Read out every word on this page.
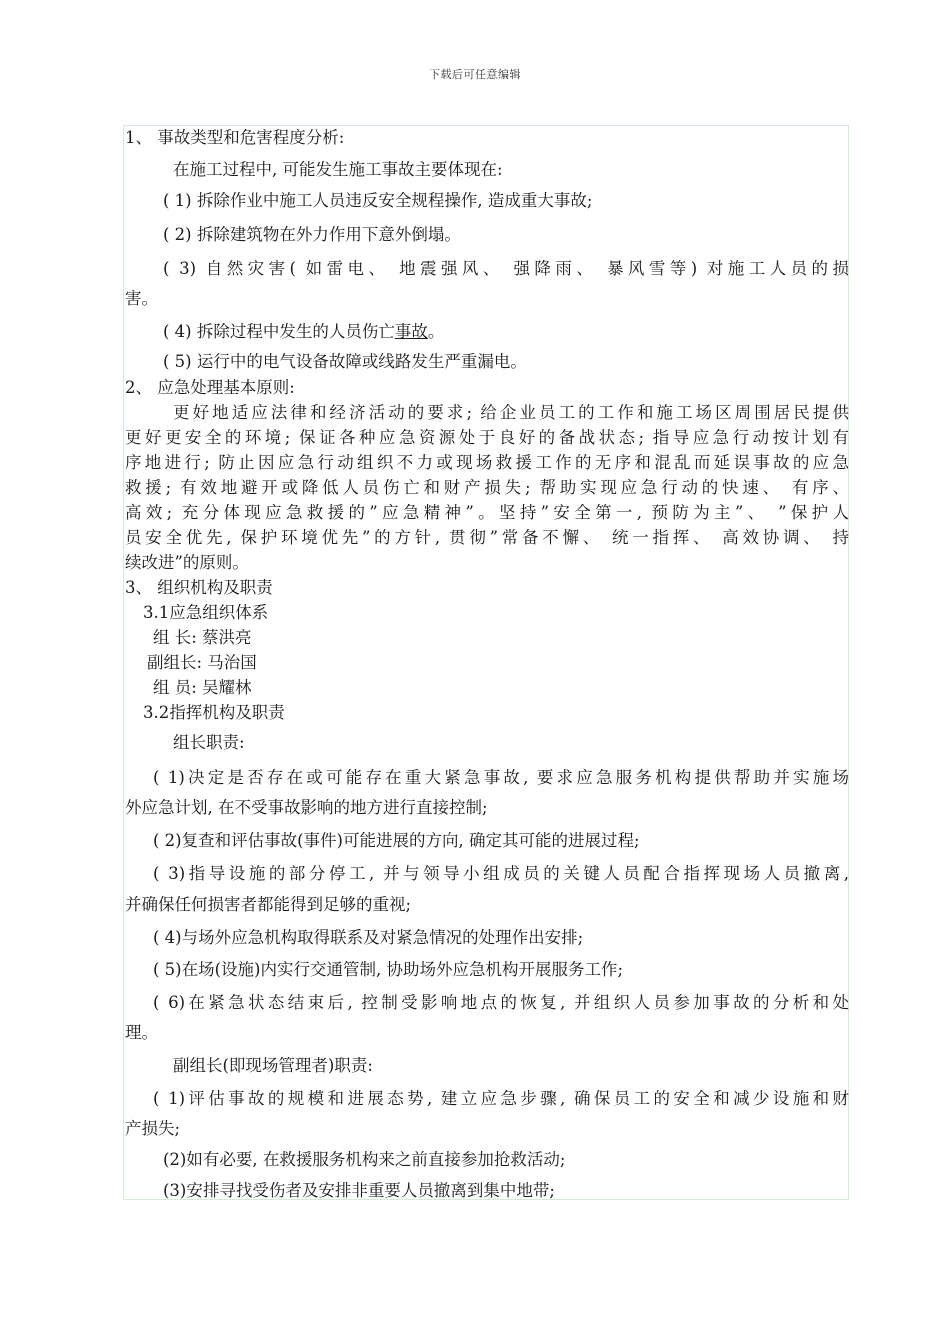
下载后可任意编辑
1、 事故类型和危害程度分析:
在施工过程中, 可能发生施工事故主要体现在:
( 1) 拆除作业中施工人员违反安全规程操作, 造成重大事故;
( 2) 拆除建筑物在外力作用下意外倒塌。
( 3) 自然灾害( 如雷电、 地震强风、 强降雨、 暴风雪等) 对施工人员的损
害。
( 4) 拆除过程中发生的人员伤亡事故。
( 5) 运行中的电气设备故障或线路发生严重漏电。
2、 应急处理基本原则:
更好地适应法律和经济活动的要求; 给企业员工的工作和施工场区周围居民提供
更好更安全的环境; 保证各种应急资源处于良好的备战状态; 指导应急行动按计划有
序地进行; 防止因应急行动组织不力或现场救援工作的无序和混乱而延误事故的应急
救援; 有效地避开或降低人员伤亡和财产损失; 帮助实现应急行动的快速、 有序、
高效; 充分体现应急救援的”应急精神”。坚持”安全第一, 预防为主”、 ”保护人
员安全优先, 保护环境优先”的方针, 贯彻”常备不懈、 统一指挥、 高效协调、 持
续改进”的原则。
3、 组织机构及职责
3.1应急组织体系
组 长: 蔡洪亮
副组长: 马治国
组 员: 吴耀林
3.2指挥机构及职责
组长职责:
( 1)决定是否存在或可能存在重大紧急事故, 要求应急服务机构提供帮助并实施场
外应急计划, 在不受事故影响的地方进行直接控制;
( 2)复查和评估事故(事件)可能进展的方向, 确定其可能的进展过程;
( 3)指导设施的部分停工, 并与领导小组成员的关键人员配合指挥现场人员撤离,
并确保任何损害者都能得到足够的重视;
( 4)与场外应急机构取得联系及对紧急情况的处理作出安排;
( 5)在场(设施)内实行交通管制, 协助场外应急机构开展服务工作;
( 6)在紧急状态结束后, 控制受影响地点的恢复, 并组织人员参加事故的分析和处
理。
副组长(即现场管理者)职责:
( 1)评估事故的规模和进展态势, 建立应急步骤, 确保员工的安全和减少设施和财
产损失;
(2)如有必要, 在救援服务机构来之前直接参加抢救活动;
(3)安排寻找受伤者及安排非重要人员撤离到集中地带;
